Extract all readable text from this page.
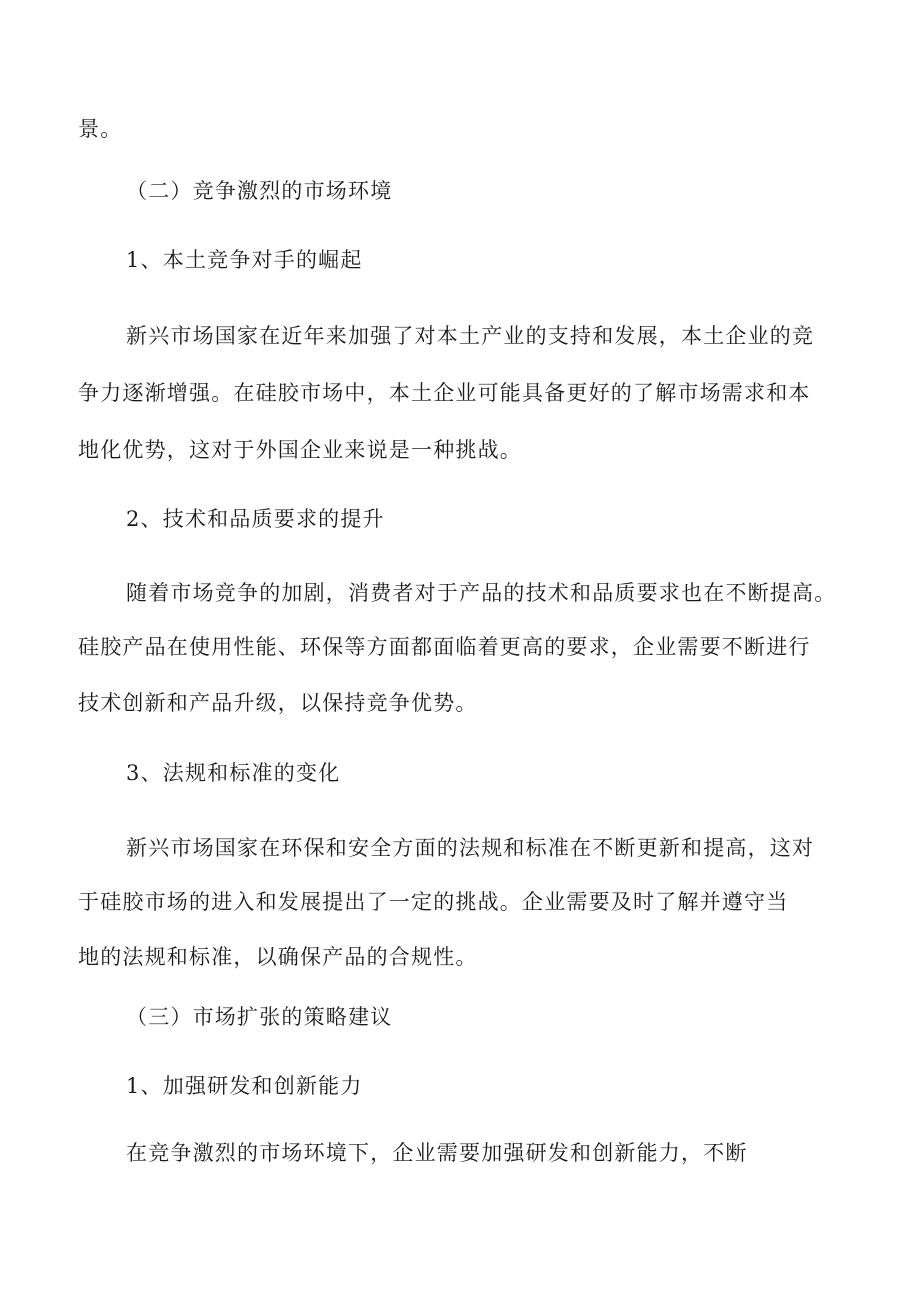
景。
（二）竞争激烈的市场环境
1、本土竞争对手的崛起
新兴市场国家在近年来加强了对本土产业的支持和发展，本土企业的竞
争力逐渐增强。在硅胶市场中，本土企业可能具备更好的了解市场需求和本
地化优势，这对于外国企业来说是一种挑战。
2、技术和品质要求的提升
随着市场竞争的加剧，消费者对于产品的技术和品质要求也在不断提高。
硅胶产品在使用性能、环保等方面都面临着更高的要求，企业需要不断进行
技术创新和产品升级，以保持竞争优势。
3、法规和标准的变化
新兴市场国家在环保和安全方面的法规和标准在不断更新和提高，这对
于硅胶市场的进入和发展提出了一定的挑战。企业需要及时了解并遵守当
地的法规和标准，以确保产品的合规性。
（三）市场扩张的策略建议
1、加强研发和创新能力
在竞争激烈的市场环境下，企业需要加强研发和创新能力，不断
